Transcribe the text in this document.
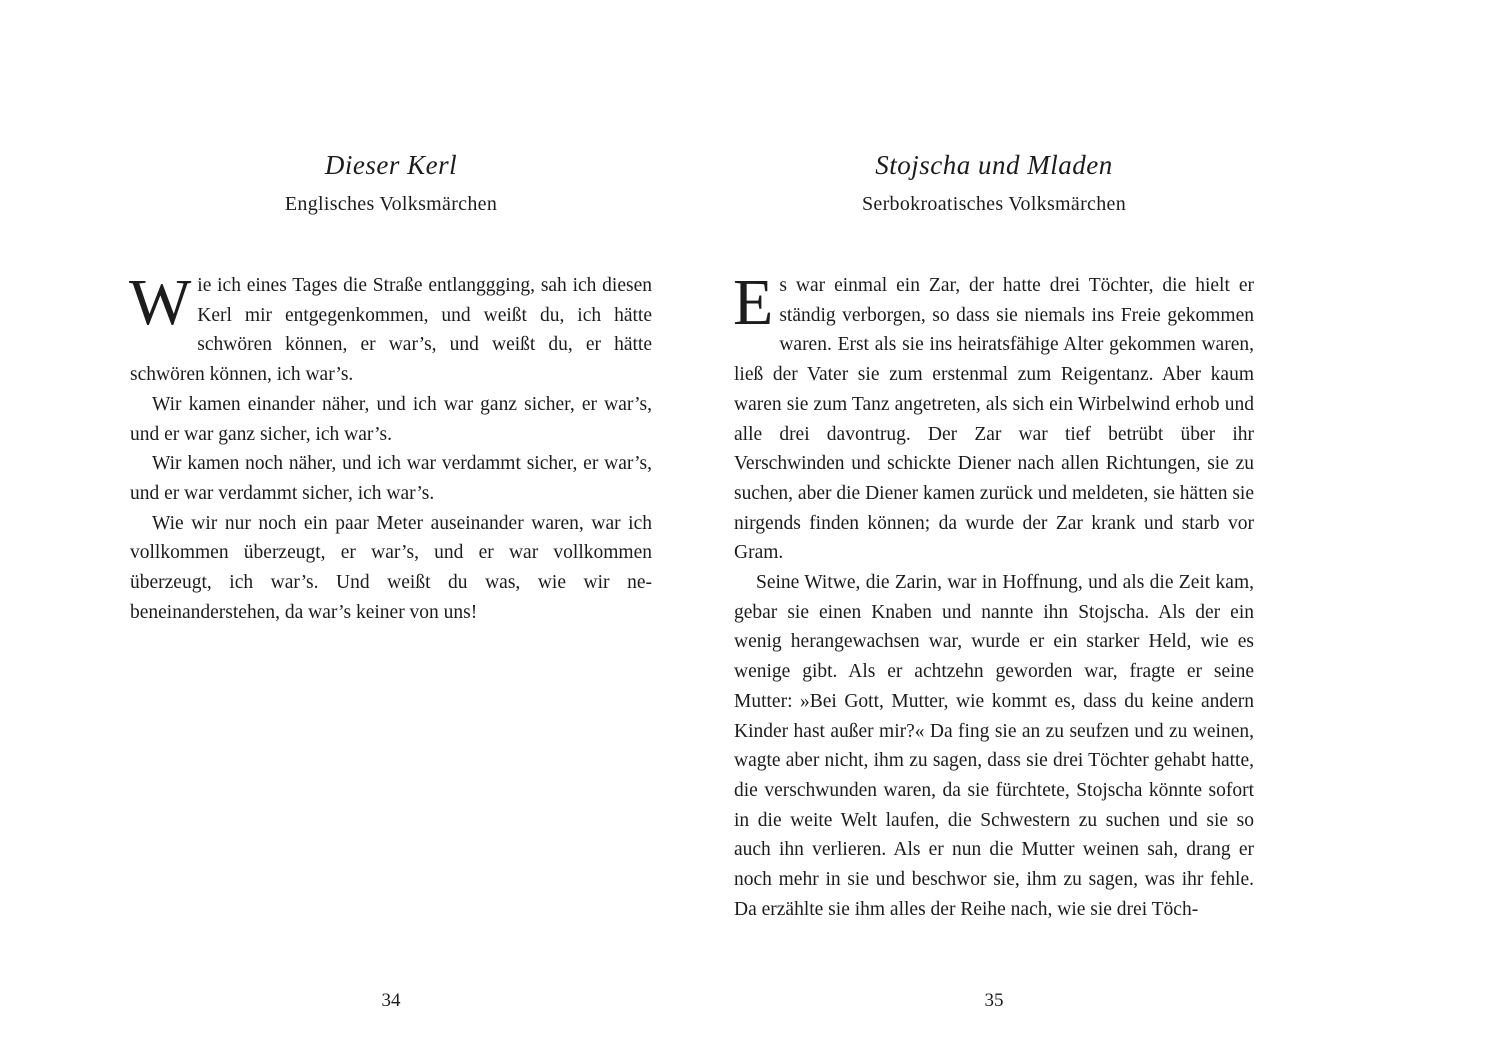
Dieser Kerl
Englisches Volksmärchen

Wie ich eines Tages die Straße entlanggging, sah ich diesen Kerl mir entgegenkommen, und weißt du, ich hätte schwören können, er war’s, und weißt du, er hätte schwören können, ich war’s.

Wir kamen einander näher, und ich war ganz sicher, er war’s, und er war ganz sicher, ich war’s.

Wir kamen noch näher, und ich war verdammt sicher, er war’s, und er war verdammt sicher, ich war’s.

Wie wir nur noch ein paar Meter auseinander waren, war ich vollkommen überzeugt, er war’s, und er war vollkommen überzeugt, ich war’s. Und weißt du was, wie wir nebeneinanderstehen, da war’s keiner von uns!

34
Stojscha und Mladen
Serbokroatisches Volksmärchen

Es war einmal ein Zar, der hatte drei Töchter, die hielt er ständig verborgen, so dass sie niemals ins Freie gekommen waren. Erst als sie ins heiratsfähige Alter gekommen waren, ließ der Vater sie zum erstenmal zum Reigentanz. Aber kaum waren sie zum Tanz angetreten, als sich ein Wirbelwind erhob und alle drei davontrug. Der Zar war tief betrübt über ihr Verschwinden und schickte Diener nach allen Richtungen, sie zu suchen, aber die Diener kamen zurück und meldeten, sie hätten sie nirgends finden können; da wurde der Zar krank und starb vor Gram.

Seine Witwe, die Zarin, war in Hoffnung, und als die Zeit kam, gebar sie einen Knaben und nannte ihn Stojscha. Als der ein wenig herangewachsen war, wurde er ein starker Held, wie es wenige gibt. Als er achtzehn geworden war, fragte er seine Mutter: »Bei Gott, Mutter, wie kommt es, dass du keine andern Kinder hast außer mir?« Da fing sie an zu seufzen und zu weinen, wagte aber nicht, ihm zu sagen, dass sie drei Töchter gehabt hatte, die verschwunden waren, da sie fürchtete, Stojscha könnte sofort in die weite Welt laufen, die Schwestern zu suchen und sie so auch ihn verlieren. Als er nun die Mutter weinen sah, drang er noch mehr in sie und beschwor sie, ihm zu sagen, was ihr fehle. Da erzählte sie ihm alles der Reihe nach, wie sie drei Töch-

35
